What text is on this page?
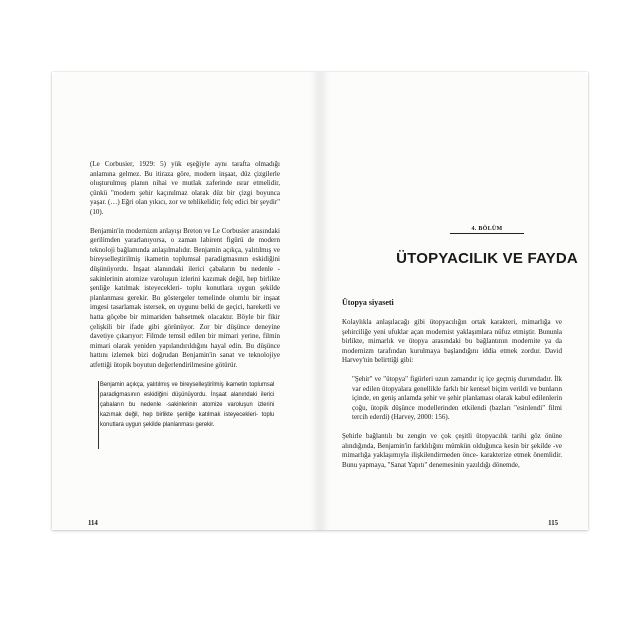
(Le Corbusier, 1929: 5) yük eşeğiyle aynı tarafta olmadığı anlamına gelmez. Bu itiraza göre, modern inşaat, düz çizgilerle oluşturulmuş planın nihai ve mutlak zaferinde ısrar etmelidir, çünkü "modern şehir kaçınılmaz olarak düz bir çizgi boyunca yaşar. (…) Eğri olan yıkıcı, zor ve tehlikelidir; felç edici bir şeydir" (10).

Benjamin'in modernizm anlayışı Breton ve Le Corbusier arasındaki gerilimden yararlanıyorsa, o zaman labirent figürü de modern teknoloji bağlamında anlaşılmalıdır. Benjamin açıkça, yalıtılmış ve bireyselleştirilmiş ikametin toplumsal paradigmasının eskidiğini düşünüyordu. İnşaat alanındaki ilerici çabaların bu nedenle -sakinlerinin atomize varoluşun izlerini kazımak değil, hep birlikte şenliğe katılmak isteyecekleri- toplu konutlara uygun şekilde planlanması gerekir. Bu göstergeler temelinde olumlu bir inşaat imgesi tasarlamak istersek, en uygunu belki de geçici, hareketli ve hatta göçebe bir mimariden bahsetmek olacaktır. Böyle bir fikir çelişkili bir ifade gibi görünüyor. Zor bir düşünce deneyine davetiye çıkarıyor: Filmde temsil edilen bir mimari yerine, filmin mimari olarak yeniden yapılandırıldığını hayal edin. Bu düşünce hattını izlemek bizi doğrudan Benjamin'in sanat ve teknolojiye atfettiği ütopik boyutun değerlendirilmesine götürür.

Benjamin açıkça, yalıtılmış ve bireyselleştirilmiş ikametin toplumsal paradigmasının eskidiğini düşünüyordu. İnşaat alanındaki ilerici çabaların bu nedenle -sakinlerinin atomize varoluşun izlerini kazımak değil, hep birlikte şenliğe katılmak isteyecekleri- toplu konutlara uygun şekilde planlanması gerekir.
114
4. BÖLÜM
ÜTOPYACILIK VE FAYDA
Ütopya siyaseti

Kolaylıkla anlaşılacağı gibi ütopyacılığın ortak karakteri, mimarlığa ve şehirciliğe yeni ufuklar açan modernist yaklaşımlara nüfuz etmiştir. Bununla birlikte, mimarlık ve ütopya arasındaki bu bağlantının modernite ya da modernizm tarafından kurulmaya başlandığını iddia etmek zordur. David Harvey'nin belirttiği gibi:

"Şehir" ve "ütopya" figürleri uzun zamandır iç içe geçmiş durumdadır. İlk var edilen ütopyalara genellikle farklı bir kentsel biçim verildi ve bunların içinde, en geniş anlamda şehir ve şehir planlaması olarak kabul edilenlerin çoğu, ütopik düşünce modellerinden etkilendi (bazları "esinlendi" filmi tercih ederdi) (Harvey, 2000: 156).

Şehirle bağlantılı bu zengin ve çok çeşitli ütopyacılık tarihi göz önüne alındığında, Benjamin'in farklılığını mümkün olduğunca kesin bir şekilde -ve mimarlığa yaklaşımıyla ilişkilendirmeden önce- karakterize etmek önemlidir. Bunu yapmaya, "Sanat Yapıtı" denemesinin yazıldığı dönemde,

115
